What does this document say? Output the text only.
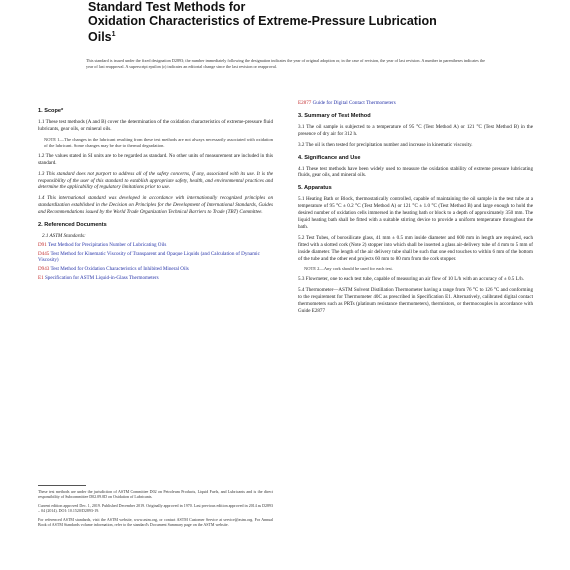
Standard Test Methods for
Oxidation Characteristics of Extreme-Pressure Lubrication
Oils$^1$
This standard is issued under the fixed designation D2893; the number immediately following the designation indicates the year of original adoption or, in the case of revision, the year of last revision. A number in parentheses indicates the year of last reapproval. A superscript epsilon (ε) indicates an editorial change since the last revision or reapproval.
1. Scope*
1.1 These test methods (A and B) cover the determination of the oxidation characteristics of extreme-pressure fluid lubricants, gear oils, or mineral oils.
NOTE 1—The changes in the lubricant resulting from these test methods are not always necessarily associated with oxidation of the lubricant. Some changes may be due to thermal degradation.
1.2 The values stated in SI units are to be regarded as standard. No other units of measurement are included in this standard.
1.3 This standard does not purport to address all of the safety concerns, if any, associated with its use. It is the responsibility of the user of this standard to establish appropriate safety, health, and environmental practices and determine the applicability of regulatory limitations prior to use.
1.4 This international standard was developed in accordance with internationally recognized principles on standardization established in the Decision on Principles for the Development of International Standards, Guides and Recommendations issued by the World Trade Organization Technical Barriers to Trade (TBT) Committee.
2. Referenced Documents
2.1 ASTM Standards:
D91 Test Method for Precipitation Number of Lubricating Oils
D445 Test Method for Kinematic Viscosity of Transparent and Opaque Liquids (and Calculation of Dynamic Viscosity)
D943 Test Method for Oxidation Characteristics of Inhibited Mineral Oils
E1 Specification for ASTM Liquid-in-Glass Thermometers
These test methods are under the jurisdiction of ASTM Committee D02 on Petroleum Products, Liquid Fuels, and Lubricants and is the direct responsibility of Subcommittee D02.09.0D on Oxidation of Lubricants.
Current edition approved Dec. 1, 2019. Published December 2019. Originally approved in 1970. Last previous edition approved in 2014 as D2893 – 04 (2014). DOI: 10.1520/D2893-19.
For referenced ASTM standards, visit the ASTM website, www.astm.org, or contact ASTM Customer Service at service@astm.org. For Annual Book of ASTM Standards volume information, refer to the standard's Document Summary page on the ASTM website.
E2877 Guide for Digital Contact Thermometers
3. Summary of Test Method
3.1 The oil sample is subjected to a temperature of 95 °C (Test Method A) or 121 °C (Test Method B) in the presence of dry air for 312 h.
3.2 The oil is then tested for precipitation number and increase in kinematic viscosity.
4. Significance and Use
4.1 These test methods have been widely used to measure the oxidation stability of extreme pressure lubricating fluids, gear oils, and mineral oils.
5. Apparatus
5.1 Heating Bath or Block, thermostatically controlled, capable of maintaining the oil sample in the test tube at a temperature of 95 °C ± 0.2 °C (Test Method A) or 121 °C ± 1.0 °C (Test Method B) and large enough to hold the desired number of oxidation cells immersed in the heating bath or block to a depth of approximately 350 mm. The liquid heating bath shall be fitted with a suitable stirring device to provide a uniform temperature throughout the bath.
5.2 Test Tubes, of borosilicate glass, 41 mm ± 0.5 mm inside diameter and 600 mm in length are required, each fitted with a slotted cork (Note 2) stopper into which shall be inserted a glass air-delivery tube of 4 mm to 5 mm of inside diameter. The length of the air delivery tube shall be such that one end touches to within 6 mm of the bottom of the tube and the other end projects 60 mm to 80 mm from the cork stopper.
NOTE 2—Any cork should be used for each test.
5.3 Flowmeter, one to each test tube, capable of measuring an air flow of 10 L/h with an accuracy of ± 0.5 L/h.
5.4 Thermometer—ASTM Solvent Distillation Thermometer having a range from 76 °C to 126 °C and conforming to the requirement for Thermometer 40C as prescribed in Specification E1. Alternatively, calibrated digital contact thermometers such as PRTs (platinum resistance thermometers), thermistors, or thermocouples in accordance with Guide E2877
